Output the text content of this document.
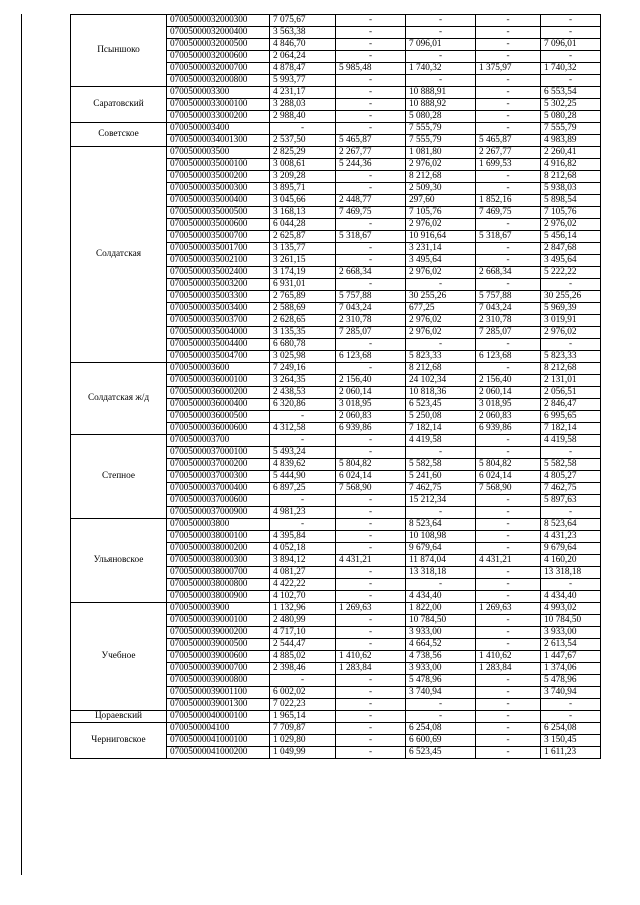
Псыншоко	07005000032000300	7 075,67	-	-	-	-
	07005000032000400	3 563,38	-	-	-	-
	07005000032000500	4 846,70	-	7 096,01	-	7 096,01
	07005000032000600	2 064,24	-	-	-	-
	07005000032000700	4 878,47	5 985,48	1 740,32	1 375,97	1 740,32
	07005000032000800	5 993,77	-	-	-	-
Саратовский	0700500003300	4 231,17	-	10 888,91	-	6 553,54
	07005000033000100	3 288,03	-	10 888,92	-	5 302,25
	07005000033000200	2 988,40	-	5 080,28	-	5 080,28
Советское	0700500003400	-	-	7 555,79	-	7 555,79
	07005000034001300	2 537,50	5 465,87	7 555,79	5 465,87	4 983,89
Солдатская	0700500003500	2 825,29	2 267,77	1 081,80	2 267,77	2 260,41
	07005000035000100	3 008,61	5 244,36	2 976,02	1 699,53	4 916,82
	07005000035000200	3 209,28	-	8 212,68	-	8 212,68
	07005000035000300	3 895,71	-	2 509,30	-	5 938,03
	07005000035000400	3 045,66	2 448,77	297,60	1 852,16	5 898,54
	07005000035000500	3 168,13	7 469,75	7 105,76	7 469,75	7 105,76
	07005000035000600	6 044,28	-	2 976,02	-	2 976,02
	07005000035000700	2 625,87	5 318,67	10 916,64	5 318,67	5 456,14
	07005000035001700	3 135,77	-	3 231,14	-	2 847,68
	07005000035002100	3 261,15	-	3 495,64	-	3 495,64
	07005000035002400	3 174,19	2 668,34	2 976,02	2 668,34	5 222,22
	07005000035003200	6 931,01	-	-	-	-
	07005000035003300	2 765,89	5 757,88	30 255,26	5 757,88	30 255,26
	07005000035003400	2 588,69	7 043,24	677,25	7 043,24	5 969,39
	07005000035003700	2 628,65	2 310,78	2 976,02	2 310,78	3 019,91
	07005000035004000	3 135,35	7 285,07	2 976,02	7 285,07	2 976,02
	07005000035004400	6 680,78	-	-	-	-
	07005000035004700	3 025,98	6 123,68	5 823,33	6 123,68	5 823,33
Солдатская ж/д	0700500003600	7 249,16	-	8 212,68	-	8 212,68
	07005000036000100	3 264,35	2 156,40	24 102,34	2 156,40	2 131,01
	07005000036000200	2 438,53	2 060,14	10 818,36	2 060,14	2 056,51
	07005000036000400	6 320,86	3 018,95	6 523,45	3 018,95	2 846,47
	07005000036000500	-	2 060,83	5 250,08	2 060,83	6 995,65
	07005000036000600	4 312,58	6 939,86	7 182,14	6 939,86	7 182,14
Степное	0700500003700	-	-	4 419,58	-	4 419,58
	07005000037000100	5 493,24	-	-	-	-
	07005000037000200	4 839,62	5 804,82	5 582,58	5 804,82	5 582,58
	07005000037000300	5 444,90	6 024,14	5 241,60	6 024,14	4 805,27
	07005000037000400	6 897,25	7 568,90	7 462,75	7 568,90	7 462,75
	07005000037000600	-	-	15 212,34	-	5 897,63
	07005000037000900	4 981,23	-	-	-	-
Ульяновское	0700500003800	-	-	8 523,64	-	8 523,64
	07005000038000100	4 395,84	-	10 108,98	-	4 431,23
	07005000038000200	4 052,18	-	9 679,64	-	9 679,64
	07005000038000300	3 894,12	4 431,21	11 874,04	4 431,21	4 160,20
	07005000038000700	4 081,27	-	13 318,18	-	13 318,18
	07005000038000800	4 422,22	-	-	-	-
	07005000038000900	4 102,70	-	4 434,40	-	4 434,40
Учебное	0700500003900	1 132,96	1 269,63	1 822,00	1 269,63	4 993,02
	07005000039000100	2 480,99	-	10 784,50	-	10 784,50
	07005000039000200	4 717,10	-	3 933,00	-	3 933,00
	07005000039000500	2 544,47	-	4 664,52	-	2 613,54
	07005000039000600	4 885,02	1 410,62	4 738,56	1 410,62	1 447,67
	07005000039000700	2 398,46	1 283,84	3 933,00	1 283,84	1 374,06
	07005000039000800	-	-	5 478,96	-	5 478,96
	07005000039001100	6 002,02	-	3 740,94	-	3 740,94
	07005000039001300	7 022,23	-	-	-	-
Цораевский	07005000040000100	1 965,14	-	-	-	-
Черниговское	0700500004100	7 709,87	-	6 254,08	-	6 254,08
	07005000041000100	1 029,80	-	6 600,69	-	3 150,45
	07005000041000200	1 049,99	-	6 523,45	-	1 611,23
